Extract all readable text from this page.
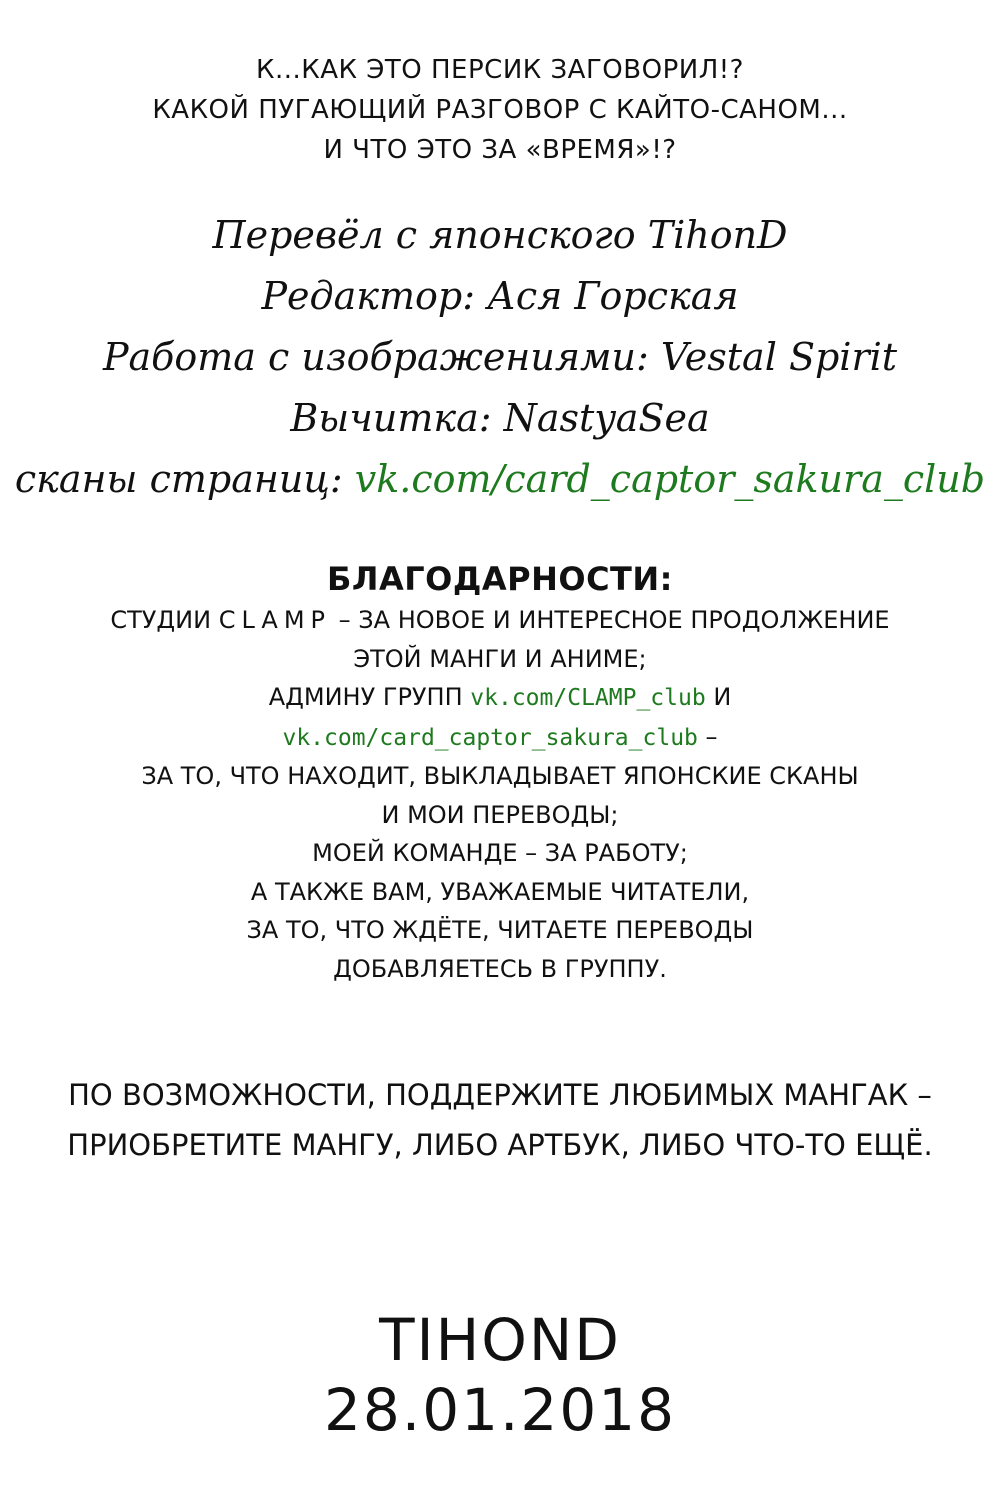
К...КАК ЭТО ПЕРСИК ЗАГОВОРИЛ!?
КАКОЙ ПУГАЮЩИЙ РАЗГОВОР С КАЙТО-САНОМ...
И ЧТО ЭТО ЗА «ВРЕМЯ»!?
Перевёл с японского TihonD
Редактор: Ася Горская
Работа с изображениями: Vestal Spirit
Вычитка: NastyaSea
сканы страниц: vk.com/card_captor_sakura_club
БЛАГОДАРНОСТИ:
СТУДИИ CLAMP – ЗА НОВОЕ И ИНТЕРЕСНОЕ ПРОДОЛЖЕНИЕ
ЭТОЙ МАНГИ И АНИМЕ;
АДМИНУ ГРУПП vk.com/CLAMP_club И
vk.com/card_captor_sakura_club –
ЗА ТО, ЧТО НАХОДИТ, ВЫКЛАДЫВАЕТ ЯПОНСКИЕ СКАНЫ
И МОИ ПЕРЕВОДЫ;
МОЕЙ КОМАНДЕ – ЗА РАБОТУ;
А ТАКЖЕ ВАМ, УВАЖАЕМЫЕ ЧИТАТЕЛИ,
ЗА ТО, ЧТО ЖДЁТЕ, ЧИТАЕТЕ ПЕРЕВОДЫ
ДОБАВЛЯЕТЕСЬ В ГРУППУ.
ПО ВОЗМОЖНОСТИ, ПОДДЕРЖИТЕ ЛЮБИМЫХ МАНГАК –
ПРИОБРЕТИТЕ МАНГУ, ЛИБО АРТБУК, ЛИБО ЧТО-ТО ЕЩЁ.
TIHOND
28.01.2018
